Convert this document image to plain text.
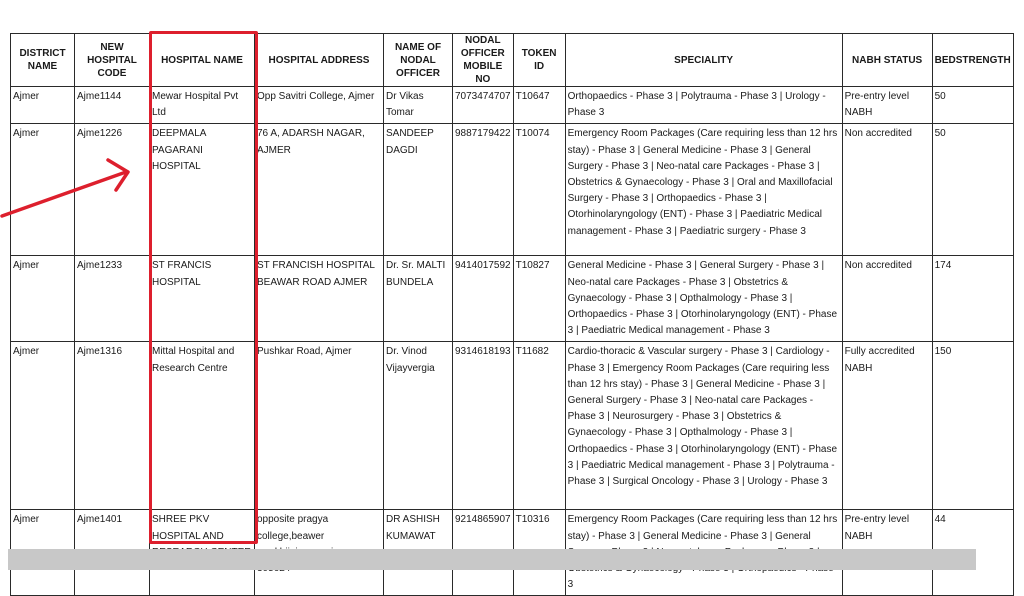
DISTRICT NAME	NEW HOSPITAL CODE	HOSPITAL NAME	HOSPITAL ADDRESS	NAME OF NODAL OFFICER	NODAL OFFICER MOBILE NO	TOKEN ID	SPECIALITY	NABH STATUS	BEDSTRENGTH
Ajmer	Ajme1144	Mewar Hospital Pvt Ltd	Opp Savitri College, Ajmer	Dr Vikas Tomar	7073474707	T10647	Orthopaedics - Phase 3 | Polytrauma - Phase 3 | Urology - Phase 3	Pre-entry level NABH	50
Ajmer	Ajme1226	DEEPMALA PAGARANI HOSPITAL	76 A, ADARSH NAGAR, AJMER	SANDEEP DAGDI	9887179422	T10074	Emergency Room Packages (Care requiring less than 12 hrs stay) - Phase 3 | General Medicine - Phase 3 | General Surgery - Phase 3 | Neo-natal care Packages - Phase 3 | Obstetrics & Gynaecology - Phase 3 | Oral and Maxillofacial Surgery - Phase 3 | Orthopaedics - Phase 3 | Otorhinolaryngology (ENT) - Phase 3 | Paediatric Medical management - Phase 3 | Paediatric surgery - Phase 3	Non accredited	50
Ajmer	Ajme1233	ST FRANCIS HOSPITAL	ST FRANCISH HOSPITAL BEAWAR ROAD AJMER	Dr. Sr. MALTI BUNDELA	9414017592	T10827	General Medicine - Phase 3 | General Surgery - Phase 3 | Neo-natal care Packages - Phase 3 | Obstetrics & Gynaecology - Phase 3 | Opthalmology - Phase 3 | Orthopaedics - Phase 3 | Otorhinolaryngology (ENT) - Phase 3 | Paediatric Medical management - Phase 3	Non accredited	174
Ajmer	Ajme1316	Mittal Hospital and Research Centre	Pushkar Road, Ajmer	Dr. Vinod Vijayvergia	9314618193	T11682	Cardio-thoracic & Vascular surgery - Phase 3 | Cardiology - Phase 3 | Emergency Room Packages (Care requiring less than 12 hrs stay) - Phase 3 | General Medicine - Phase 3 | General Surgery - Phase 3 | Neo-natal care Packages - Phase 3 | Neurosurgery - Phase 3 | Obstetrics & Gynaecology - Phase 3 | Opthalmology - Phase 3 | Orthopaedics - Phase 3 | Otorhinolaryngology (ENT) - Phase 3 | Paediatric Medical management - Phase 3 | Polytrauma - Phase 3 | Surgical Oncology - Phase 3 | Urology - Phase 3	Fully accredited NABH	150
Ajmer	Ajme1401	SHREE PKV HOSPITAL AND	opposite pragya college,beawer	DR ASHISH KUMAWAT	9214865907	T10316	Emergency Room Packages (Care requiring less than 12 hrs stay) - Phase 3 | General Medicine - Phase 3 | General 3	Pre-entry level NABH	44
